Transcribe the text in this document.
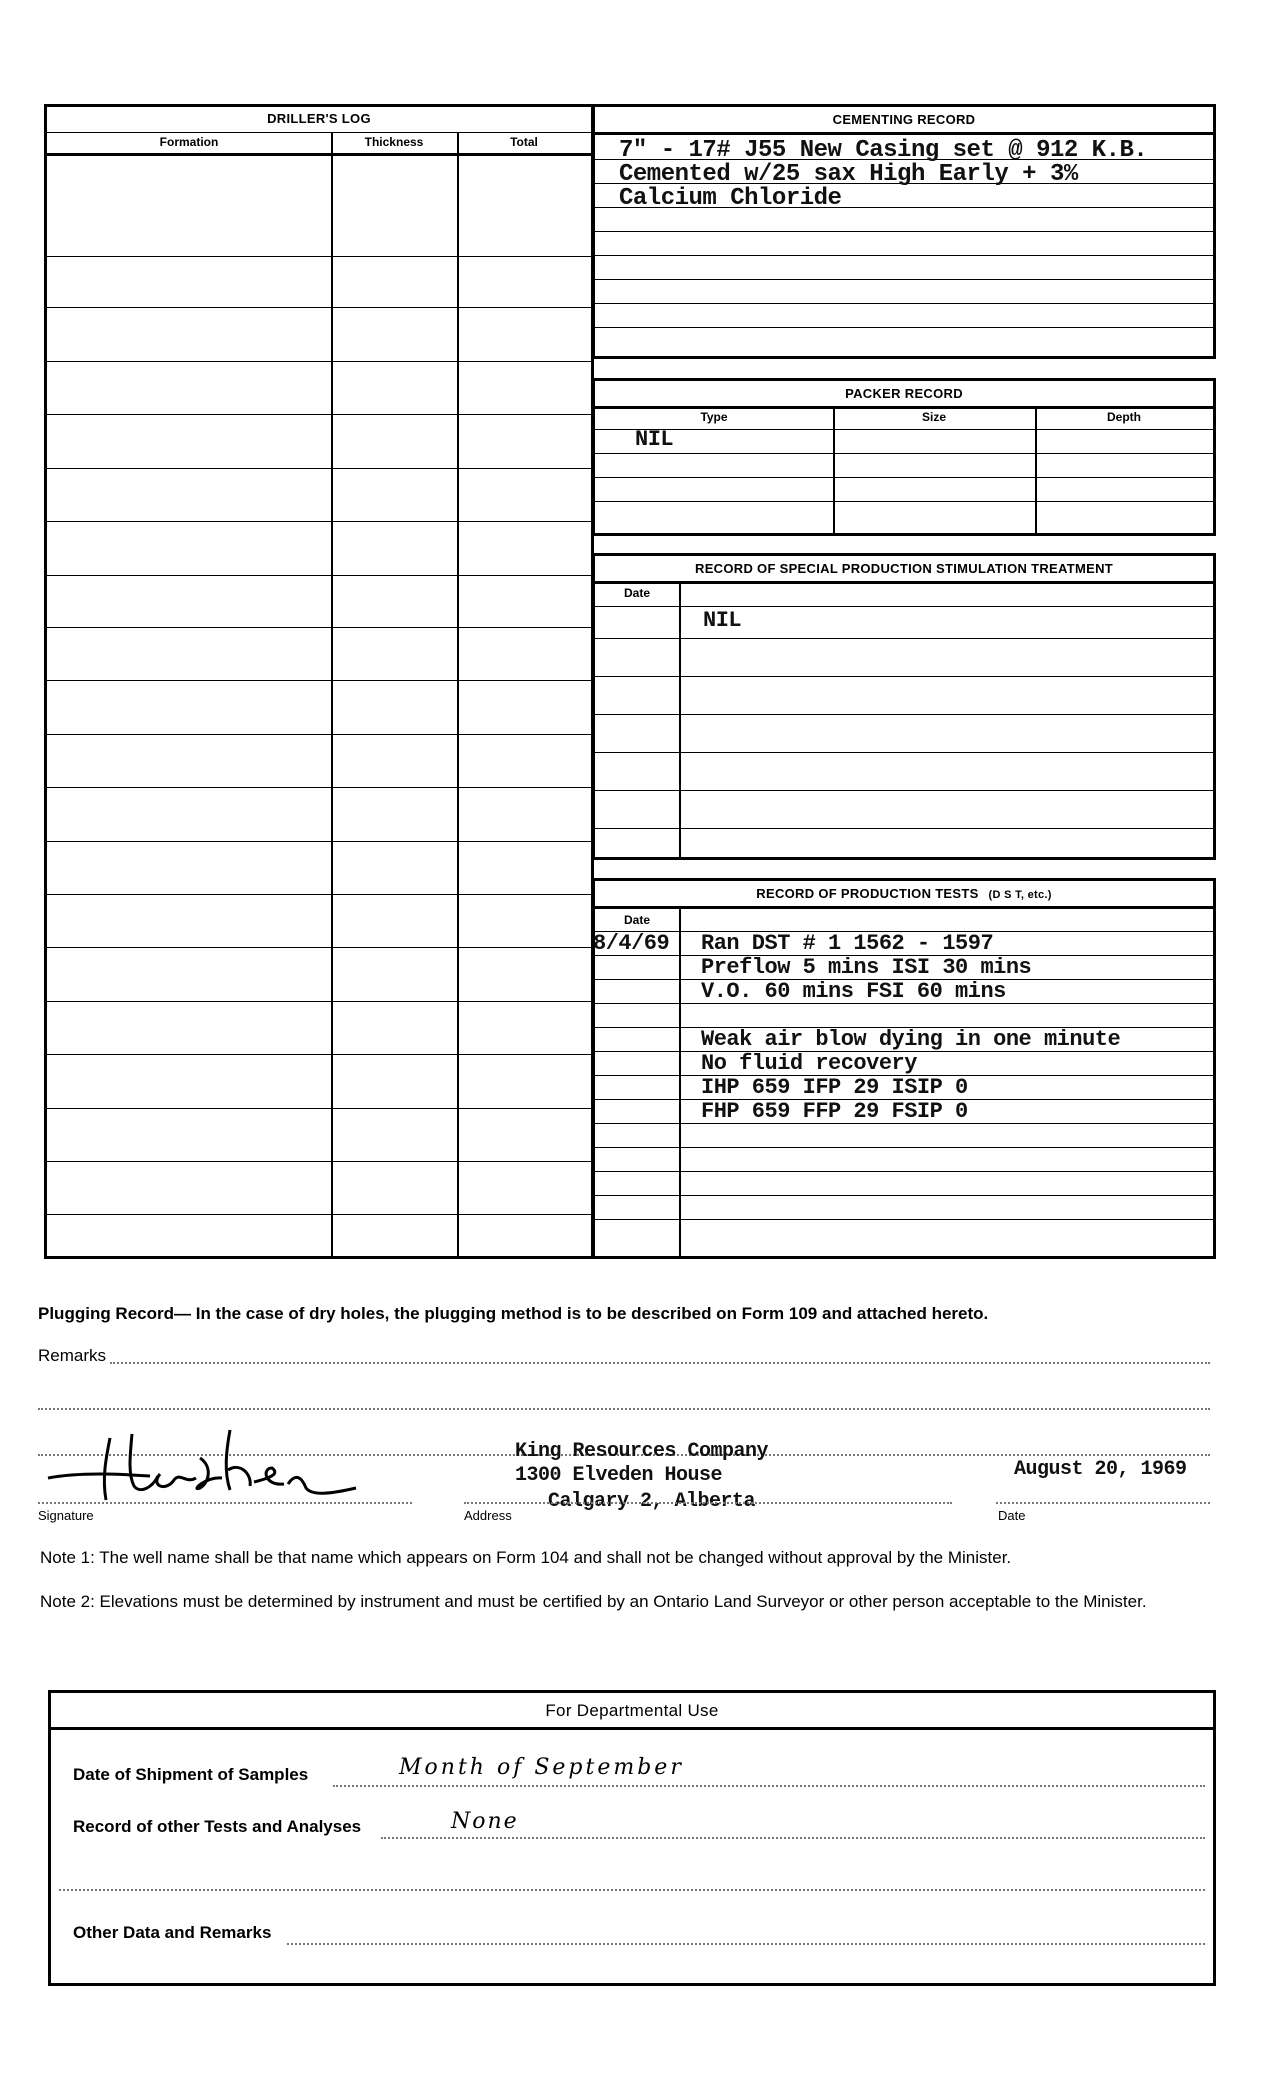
DRILLER'S LOG
Formation	Thickness	Total
CEMENTING RECORD
7" - 17# J55 New Casing set @ 912 K.B.
Cemented w/25 sax High Early + 3%
Calcium Chloride
PACKER RECORD
Type	Size	Depth
NIL
RECORD OF SPECIAL PRODUCTION STIMULATION TREATMENT
Date
NIL
RECORD OF PRODUCTION TESTS (D S T, etc.)
Date
8/4/69 Ran DST # 1 1562 - 1597
Preflow 5 mins ISI 30 mins
V.O. 60 mins FSI 60 mins
Weak air blow dying in one minute
No fluid recovery
IHP 659 IFP 29 ISIP 0
FHP 659 FFP 29 FSIP 0
Plugging Record— In the case of dry holes, the plugging method is to be described on Form 109 and attached hereto.
Remarks
Signature
King Resources Company
1300 Elveden House
Calgary 2, Alberta
Address
August 20, 1969
Date
Note 1: The well name shall be that name which appears on Form 104 and shall not be changed without approval by the Minister.
Note 2: Elevations must be determined by instrument and must be certified by an Ontario Land Surveyor or other person acceptable to the Minister.
For Departmental Use
Date of Shipment of Samples	Month of September
Record of other Tests and Analyses	None
Other Data and Remarks
